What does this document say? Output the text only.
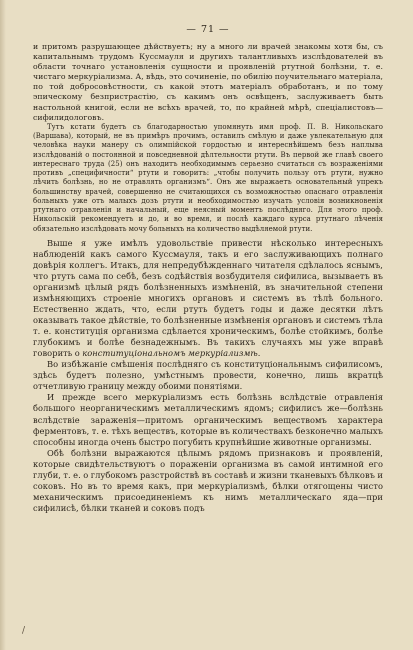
— 71 —

и притомъ разрушающее дѣйствуетъ; ну а много ли врачей знакомы хотя бы, съ капитальнымъ трудомъ Куссмауля и другихъ талантливыхъ изслѣдователей въ области точнаго установленія сущности и проявленій ртутной болѣзни, т. е. чистаго меркуріализма. А, вѣдь, это сочиненіе, по обилію поучительнаго матеріала, по той добросовѣстности, съ какой этотъ матеріалъ обработанъ, и по тому эпическому безпристрастію, съ какимъ онъ освѣщенъ, заслуживаетъ быть настольной книгой, если не всѣхъ врачей, то, по крайней мѣрѣ, спеціалистовъ—сифилидологовъ.

Тутъ кстати будетъ съ благодарностью упомянуть имя проф. П. В. Никольскаго (Варшава), который, не въ примѣръ прочимъ, оставилъ смѣлую и даже увлекательную для человѣка науки манеру съ олимпійской гордостью и интереснѣйшемъ безъ наплыва изслѣдованій о постоянной и повседневной дѣлтельности ртути. Въ первой же главѣ своего интереснаго труда (25) онъ находитъ необходимымъ серьезно считаться съ возраженіями противъ „специфичности“ ртути и говоритъ: „чтобы получить пользу отъ ртути, нужно лѣчить болѣзнь, но не отравлять организмъ“. Онъ же выражаетъ основательный упрекъ большинству врачей, совершенно не считающихся съ возможностью опаснаго отравленія больныхъ уже отъ малыхъ дозъ ртути и необходимостью изучать условія возникновенія ртутнаго отравленія и начальный, еще неясный моментъ послѣдняго. Для этого проф. Никольскій рекомендуетъ и до, и во время, и послѣ каждаго курса ртутнаго лѣченія обязательно изслѣдовать мочу больныхъ на количество выдѣляемой ртути.

Выше я уже имѣлъ удовольствіе привести нѣсколько интересныхъ наблюденій какъ самого Куссмауля, такъ и его заслуживающихъ полнаго довѣрія коллегъ. Итакъ, для непредубѣжденнаго читателя сдѣлалось яснымъ, что ртуть сама по себѣ, безъ содѣйствія возбудителя сифилиса, вызываетъ въ организмѣ цѣлый рядъ болѣзненныхъ измѣненій, въ значительной степени измѣняющихъ строеніе многихъ органовъ и системъ въ тѣлѣ больного. Естественно ждать, что, если ртуть будетъ годы и даже десятки лѣтъ оказывать такое дѣйствіе, то болѣзненные измѣненія органовъ и системъ тѣла т. е. конституція организма сдѣлается хроническимъ, болѣе стойкимъ, болѣе глубокимъ и болѣе безнадежнымъ. Въ такихъ случаяхъ мы уже вправѣ говорить о конституціональномъ меркуріализмѣ.

Во избѣжаніе смѣшенія послѣдняго съ конституціональнымъ сифилисомъ, здѣсь будетъ полезно, умѣстнымъ провести, конечно, лишь вкратцѣ отчетливую границу между обоими понятіями.

И прежде всего меркуріализмъ есть болѣзнь вслѣдствіе отравленія большого неорганическимъ металлическимъ ядомъ; сифилисъ же—болѣзнь вслѣдствіе зараженія—притомъ органическимъ веществомъ характера ферментовъ, т. е. тѣхъ веществъ, которые въ количествахъ безконечно малыхъ способны иногда очень быстро погубить крупнѣйшие животные организмы.

Обѣ болѣзни выражаются цѣлымъ рядомъ признаковъ и проявленій, которые свидѣтельствуютъ о пораженіи организма въ самой интимной его глуби, т. е. о глубокомъ разстройствѣ въ составѣ и жизни тканевыхъ бѣлковъ и соковъ. Но въ то время какъ, при меркуріализмѣ, бѣлки отягощены чисто механическимъ присоединеніемъ къ нимъ металлическаго яда—при сифилисѣ, бѣлки тканей и соковъ подъ

/
